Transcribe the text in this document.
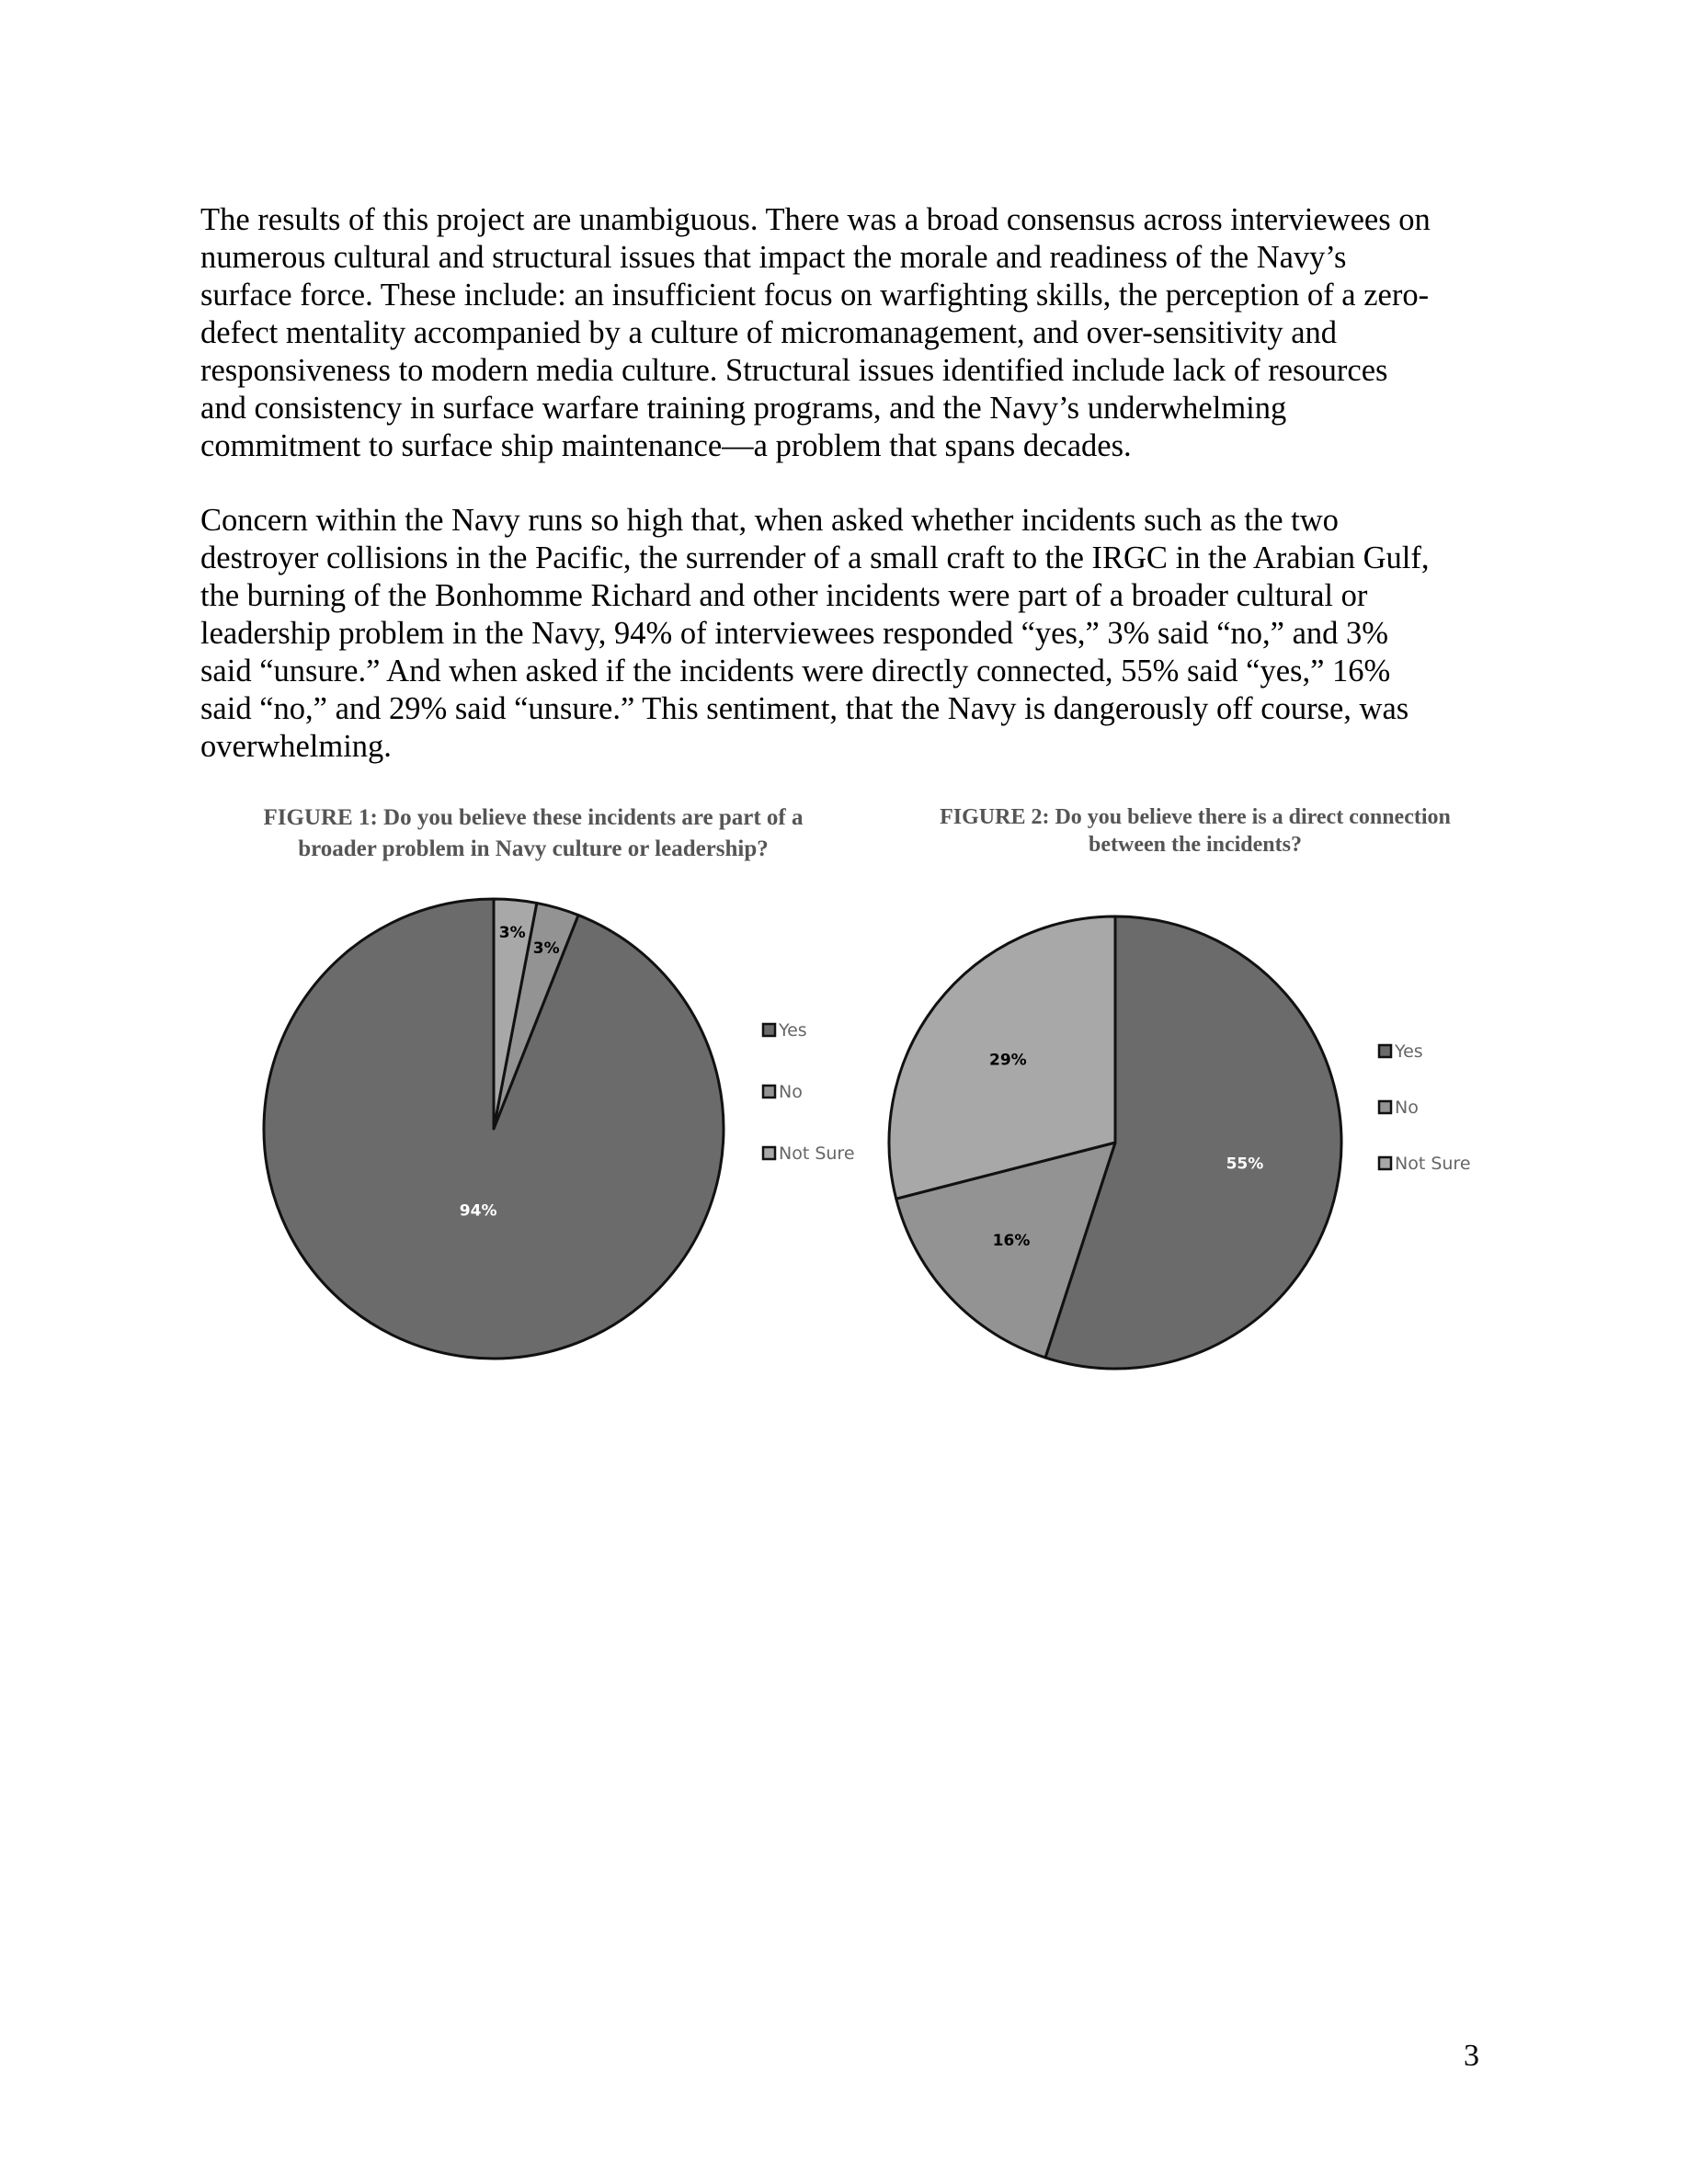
The results of this project are unambiguous. There was a broad consensus across interviewees on
numerous cultural and structural issues that impact the morale and readiness of the Navy’s
surface force. These include: an insufficient focus on warfighting skills, the perception of a zero-
defect mentality accompanied by a culture of micromanagement, and over-sensitivity and
responsiveness to modern media culture. Structural issues identified include lack of resources
and consistency in surface warfare training programs, and the Navy’s underwhelming
commitment to surface ship maintenance—a problem that spans decades.

Concern within the Navy runs so high that, when asked whether incidents such as the two
destroyer collisions in the Pacific, the surrender of a small craft to the IRGC in the Arabian Gulf,
the burning of the Bonhomme Richard and other incidents were part of a broader cultural or
leadership problem in the Navy, 94% of interviewees responded “yes,” 3% said “no,” and 3%
said “unsure.” And when asked if the incidents were directly connected, 55% said “yes,” 16%
said “no,” and 29% said “unsure.” This sentiment, that the Navy is dangerously off course, was
overwhelming.

FIGURE 1: Do you believe these incidents are part of a
broader problem in Navy culture or leadership?
FIGURE 2: Do you believe there is a direct connection
between the incidents?
94%
3%
3%
Yes
No
Not Sure
55%
16%
29%	Yes
No
Not Sure
3
